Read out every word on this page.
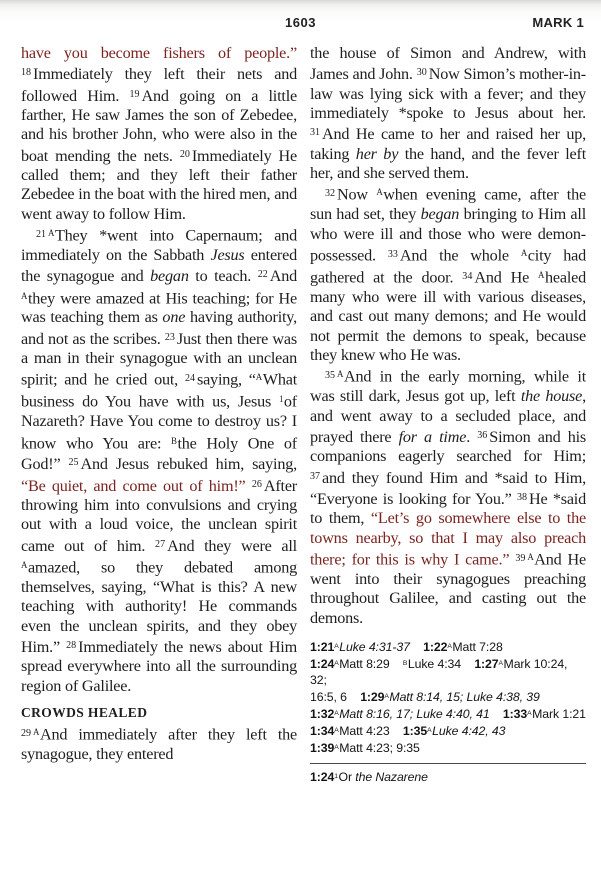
1603	MARK 1

have you become fishers of people.” $^{18}$ Immediately they left their nets and followed Him. $^{19}$ And going on a little farther, He saw James the son of Zebedee, and his brother John, who were also in the boat mending the nets. $^{20}$ Immediately He called them; and they left their father Zebedee in the boat with the hired men, and went away to follow Him.

$^{21}$ $^A$They *went into Capernaum; and immediately on the Sabbath Jesus entered the synagogue and began to teach. $^{22}$ And $^A$they were amazed at His teaching; for He was teaching them as one having authority, and not as the scribes. $^{23}$ Just then there was a man in their synagogue with an unclean spirit; and he cried out, $^{24}$ saying, “$^A$What business do You have with us, Jesus $^1$of Nazareth? Have You come to destroy us? I know who You are: $^B$the Holy One of God!” $^{25}$ And Jesus rebuked him, saying, “Be quiet, and come out of him!” $^{26}$ After throwing him into convulsions and crying out with a loud voice, the unclean spirit came out of him. $^{27}$ And they were all $^A$amazed, so they debated among themselves, saying, “What is this? A new teaching with authority! He commands even the unclean spirits, and they obey Him.” $^{28}$ Immediately the news about Him spread everywhere into all the surrounding region of Galilee.

CROWDS HEALED

$^{29}$ $^A$And immediately after they left the synagogue, they entered

the house of Simon and Andrew, with James and John. $^{30}$ Now Simon’s mother-in-law was lying sick with a fever; and they immediately *spoke to Jesus about her. $^{31}$ And He came to her and raised her up, taking her by the hand, and the fever left her, and she served them.

$^{32}$ Now $^A$when evening came, after the sun had set, they began bringing to Him all who were ill and those who were demon-possessed. $^{33}$ And the whole $^A$city had gathered at the door. $^{34}$ And He $^A$healed many who were ill with various diseases, and cast out many demons; and He would not permit the demons to speak, because they knew who He was.

$^{35}$ $^A$And in the early morning, while it was still dark, Jesus got up, left the house, and went away to a secluded place, and prayed there for a time. $^{36}$ Simon and his companions eagerly searched for Him; $^{37}$ and they found Him and *said to Him, “Everyone is looking for You.” $^{38}$ He *said to them, “Let’s go somewhere else to the towns nearby, so that I may also preach there; for this is why I came.” $^{39}$ $^A$And He went into their synagogues preaching throughout Galilee, and casting out the demons.

$1:21^ALuke$ 4:31-37 $1:22^AMatt$ 7:28
$1:24^AMatt$ 8:29 $^B$Luke 4:34 $1:27^AMark$ 10:24, 32;
16:5, 6 $1:29^AMatt$ 8:14, 15; Luke 4:38, 39
$1:32^AMatt$ 8:16, 17; Luke 4:40, 41 $1:33^AMark$ 1:21
$1:34^AMatt$ 4:23 $1:35^ALuke$ 4:42, 43
$1:39^AMatt$ 4:23; 9:35
$1:24^1Or$ the Nazarene
